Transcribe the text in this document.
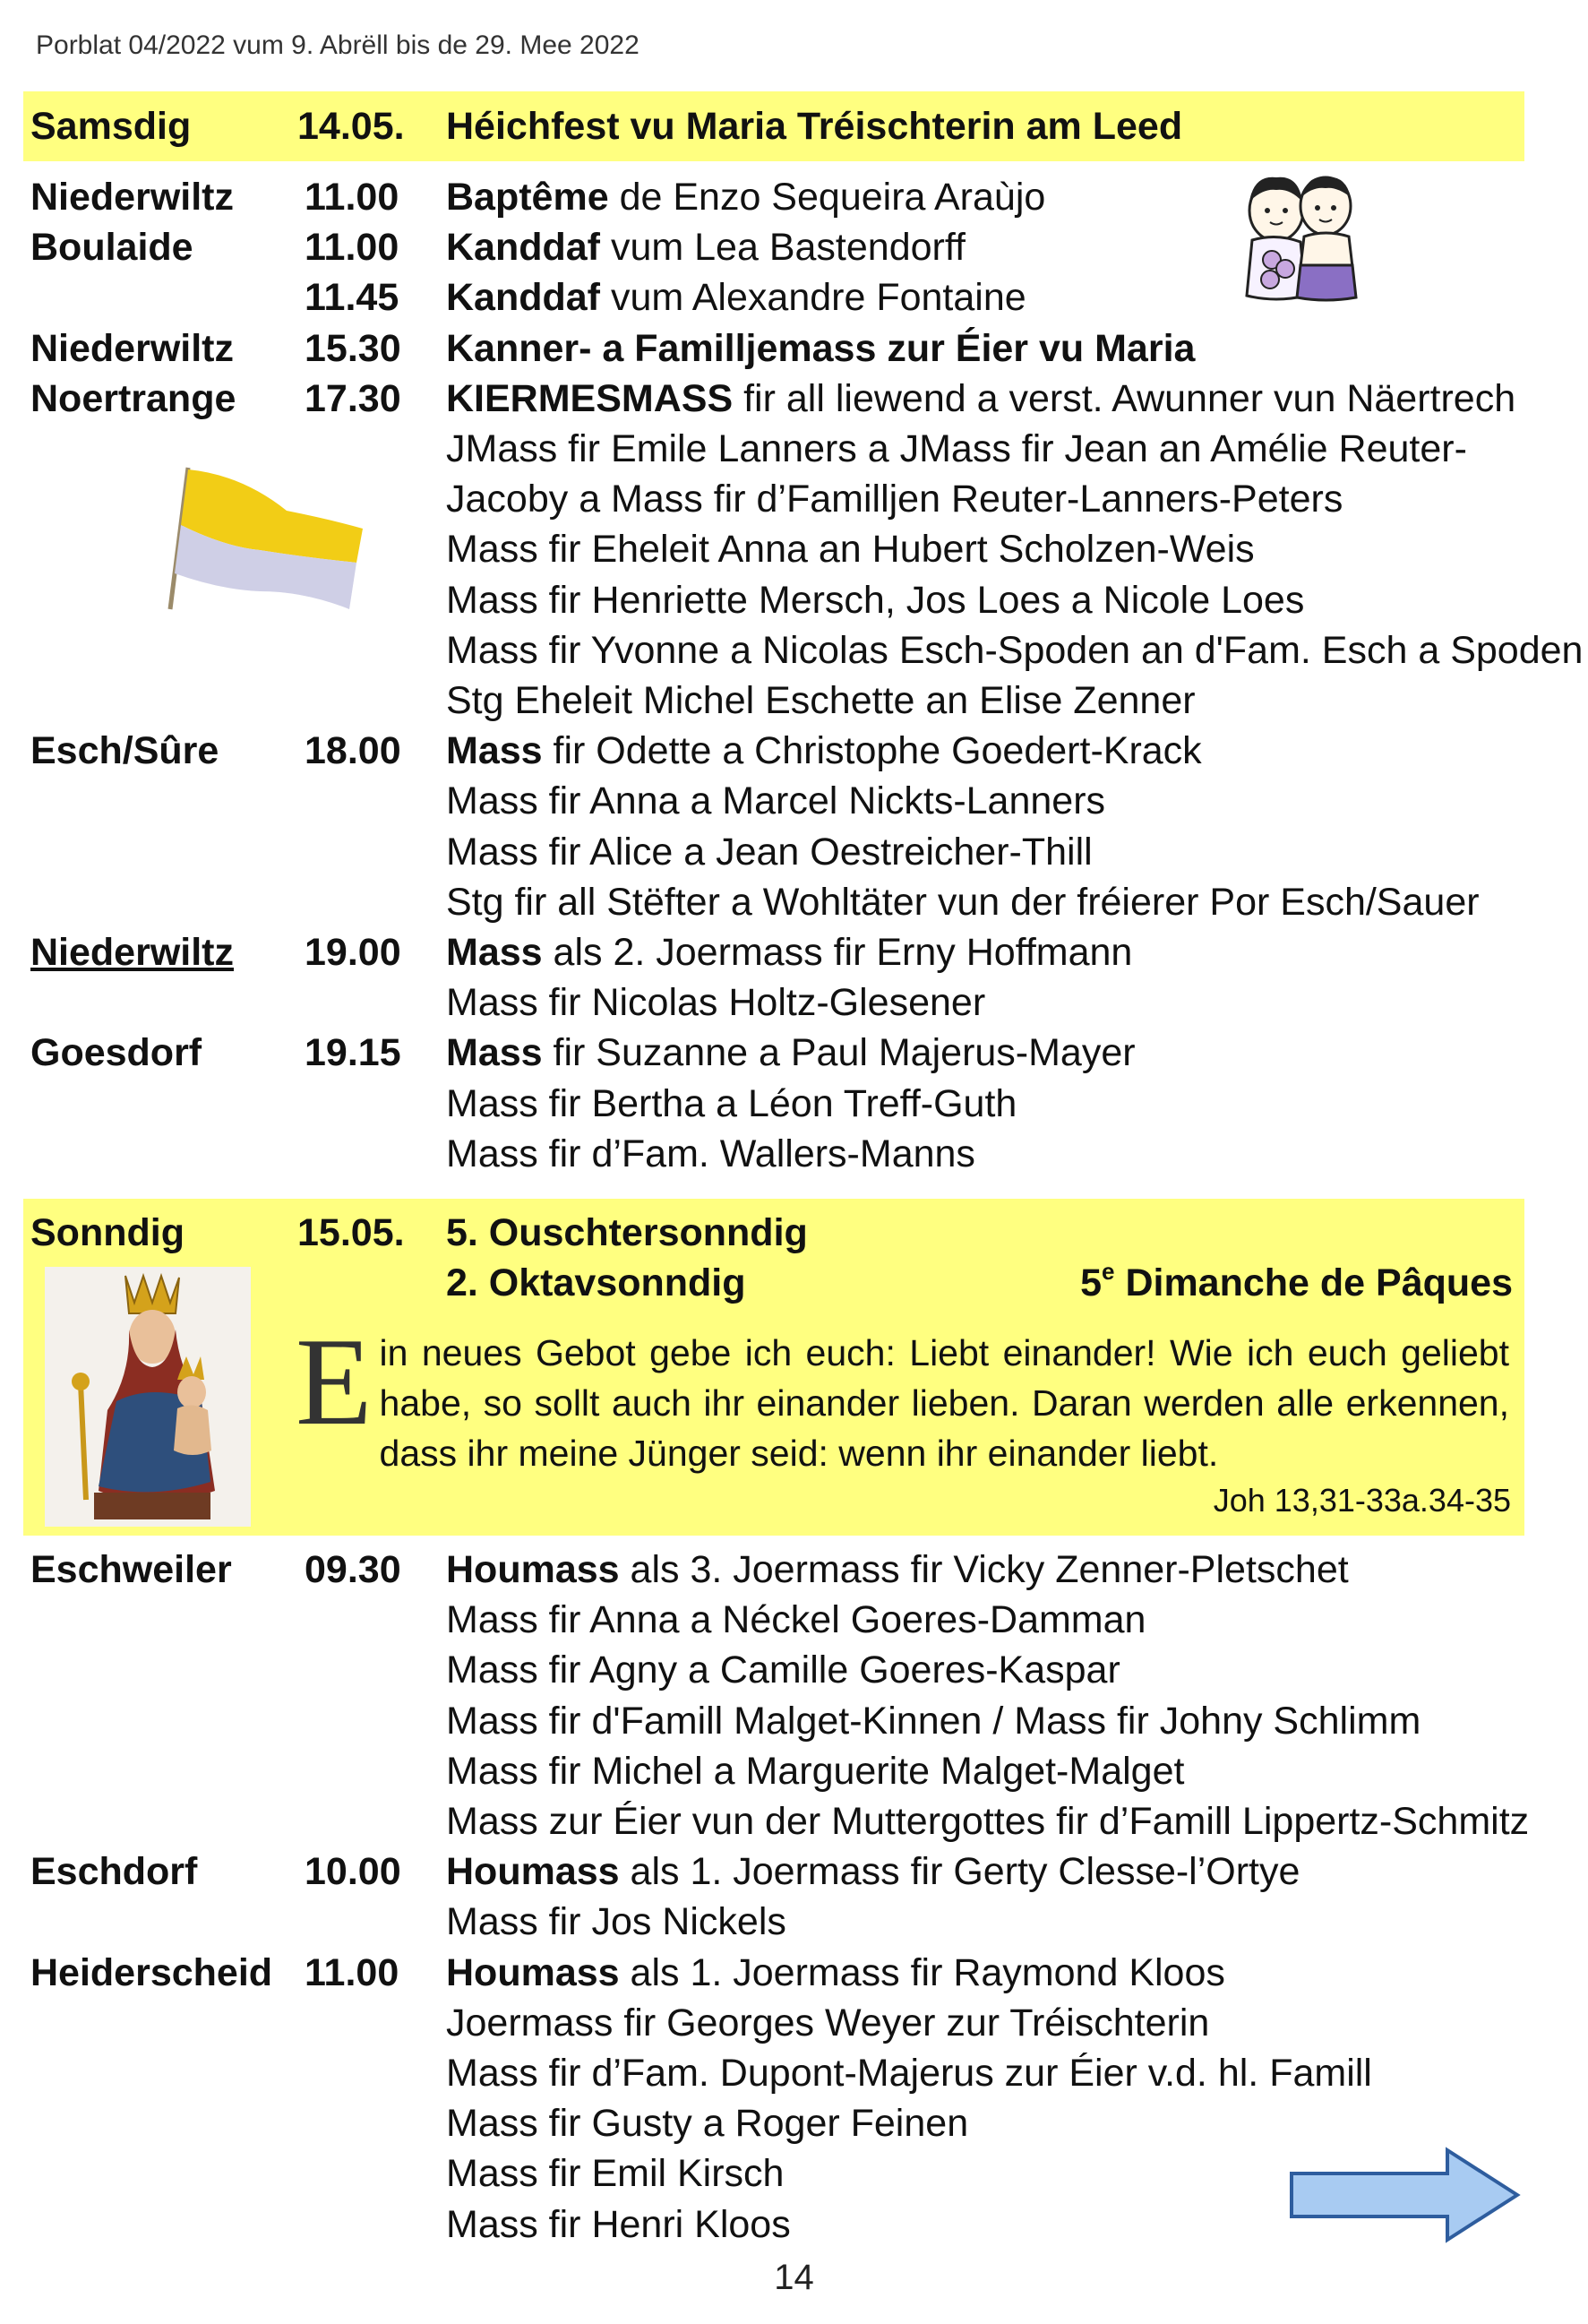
Porblat 04/2022 vum 9. Abrëll bis de 29. Mee 2022
Samsdig	14.05. Héichfest vu Maria Tréischterin am Leed
Niederwiltz 11.00 Baptême de Enzo Sequeira Araùjo
Boulaide	11.00 Kanddaf vum Lea Bastendorff
11.45 Kanddaf vum Alexandre Fontaine
Niederwiltz 15.30 Kanner- a Familljemass zur Éier vu Maria
Noertrange 17.30 KIERMESMASS fir all liewend a verst. Awunner vun Näertrech
JMass fir Emile Lanners a JMass fir Jean an Amélie Reuter-
Jacoby a Mass fir d’Familljen Reuter-Lanners-Peters
Mass fir Eheleit Anna an Hubert Scholzen-Weis
Mass fir Henriette Mersch, Jos Loes a Nicole Loes
Mass fir Yvonne a Nicolas Esch-Spoden an d'Fam. Esch a Spoden
Stg Eheleit Michel Eschette an Elise Zenner
Esch/Sûre 18.00 Mass fir Odette a Christophe Goedert-Krack
Mass fir Anna a Marcel Nickts-Lanners
Mass fir Alice a Jean Oestreicher-Thill
Stg fir all Stëfter a Wohltäter vun der fréierer Por Esch/Sauer
Niederwiltz 19.00 Mass als 2. Joermass fir Erny Hoffmann
Mass fir Nicolas Holtz-Glesener
Goesdorf	19.15 Mass fir Suzanne a Paul Majerus-Mayer
Mass fir Bertha a Léon Treff-Guth
Mass fir d’Fam. Wallers-Manns
Sonndig	15.05. 5. Ouschtersonndig
2. Oktavsonndig	5e Dimanche de Pâques
Ein neues Gebot gebe ich euch: Liebt einander! Wie ich euch geliebt habe, so sollt auch ihr einander lieben. Daran werden alle erkennen, dass ihr meine Jünger seid: wenn ihr einander liebt.
Joh 13,31-33a.34-35
Eschweiler 09.30 Houmass als 3. Joermass fir Vicky Zenner-Pletschet
Mass fir Anna a Néckel Goeres-Damman
Mass fir Agny a Camille Goeres-Kaspar
Mass fir d'Famill Malget-Kinnen / Mass fir Johny Schlimm
Mass fir Michel a Marguerite Malget-Malget
Mass zur Éier vun der Muttergottes fir d’Famill Lippertz-Schmitz
Eschdorf	10.00 Houmass als 1. Joermass fir Gerty Clesse-l’Ortye
Mass fir Jos Nickels
Heiderscheid 11.00 Houmass als 1. Joermass fir Raymond Kloos
Joermass fir Georges Weyer zur Tréischterin
Mass fir d’Fam. Dupont-Majerus zur Éier v.d. hl. Famill
Mass fir Gusty a Roger Feinen
Mass fir Emil Kirsch
Mass fir Henri Kloos
14
